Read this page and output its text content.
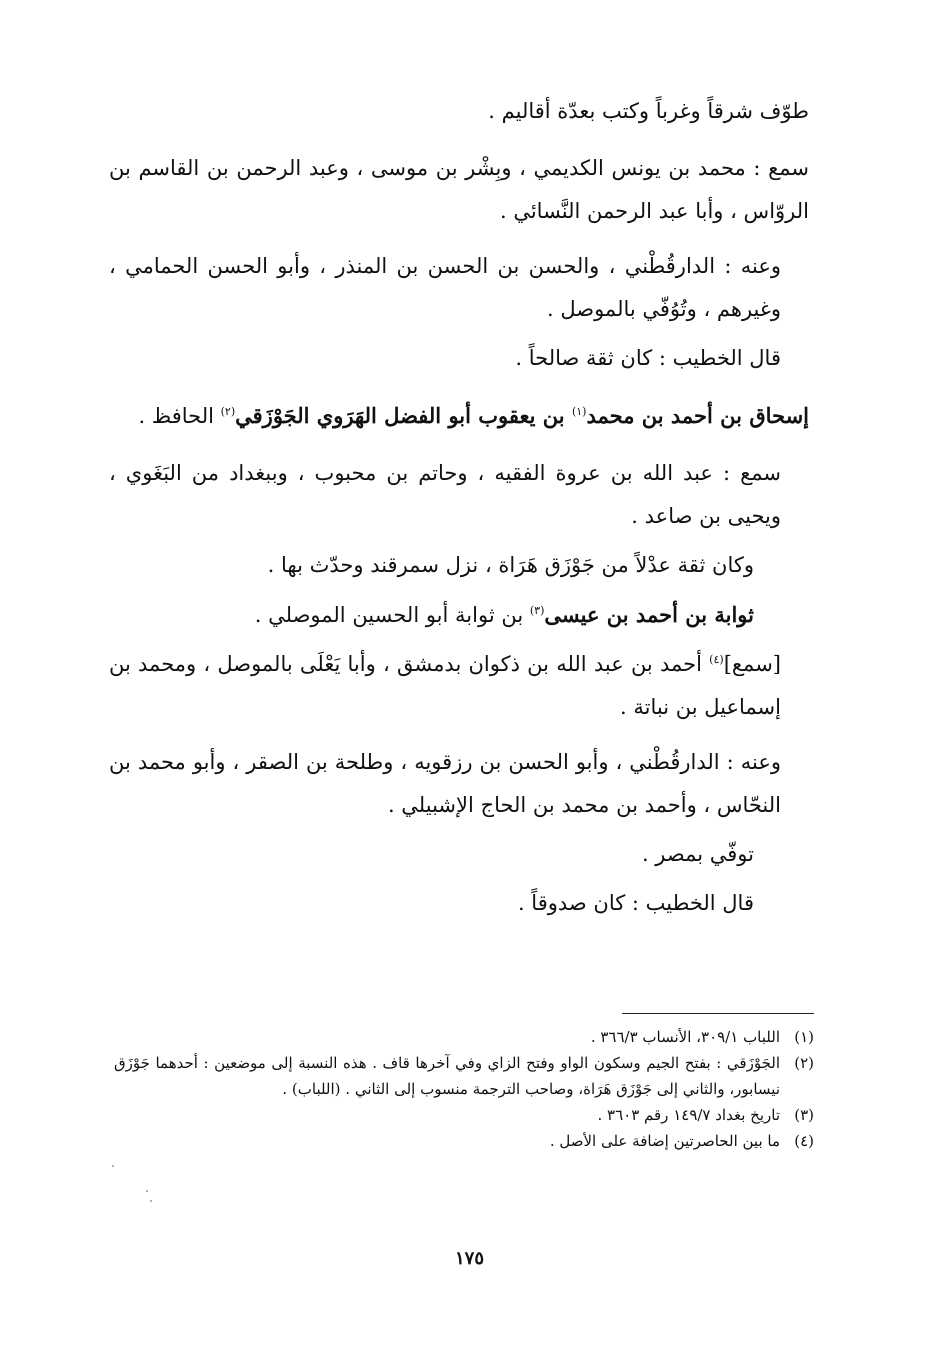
طوّف شرقاً وغرباً وكتب بعدّة أقاليم .

سمع : محمد بن يونس الكديمي ، وبِشْر بن موسى ، وعبد الرحمن بن القاسم بن الروّاس ، وأبا عبد الرحمن النَّسائي .

وعنه : الدارقُطْني ، والحسن بن الحسن بن المنذر ، وأبو الحسن الحمامي ، وغيرهم ، وتُوُفّي بالموصل .

قال الخطيب : كان ثقة صالحاً .

إسحاق بن أحمد بن محمد$^{(١)}$ بن يعقوب أبو الفضل الهَرَوي الجَوْزَقي$^{(٢)}$ الحافظ .

سمع : عبد الله بن عروة الفقيه ، وحاتم بن محبوب ، وببغداد من البَغَوي ، ويحيى بن صاعد .

وكان ثقة عدْلاً من جَوْزَق هَرَاة ، نزل سمرقند وحدّث بها .

ثوابة بن أحمد بن عيسى$^{(٣)}$ بن ثوابة أبو الحسين الموصلي .

[سمع]$^{(٤)}$ أحمد بن عبد الله بن ذكوان بدمشق ، وأبا يَعْلَى بالموصل ، ومحمد بن إسماعيل بن نباتة .

وعنه : الدارقُطْني ، وأبو الحسن بن رزقويه ، وطلحة بن الصقر ، وأبو محمد بن النحّاس ، وأحمد بن محمد بن الحاج الإشبيلي .

توفّي بمصر .

قال الخطيب : كان صدوقاً .

(١)
اللباب ٣٠٩/١، الأنساب ٣٦٦/٣ .

(٢)
الجَوْزَقي : بفتح الجيم وسكون الواو وفتح الزاي وفي آخرها قاف . هذه النسبة إلى موضعين : أحدهما جَوْزَق نيسابور، والثاني إلى جَوْزَق هَرَاة، وصاحب الترجمة منسوب إلى الثاني . (اللباب) .

(٣)
تاريخ بغداد ١٤٩/٧ رقم ٣٦٠٣ .

(٤)
ما بين الحاصرتين إضافة على الأصل .

١٧٥
